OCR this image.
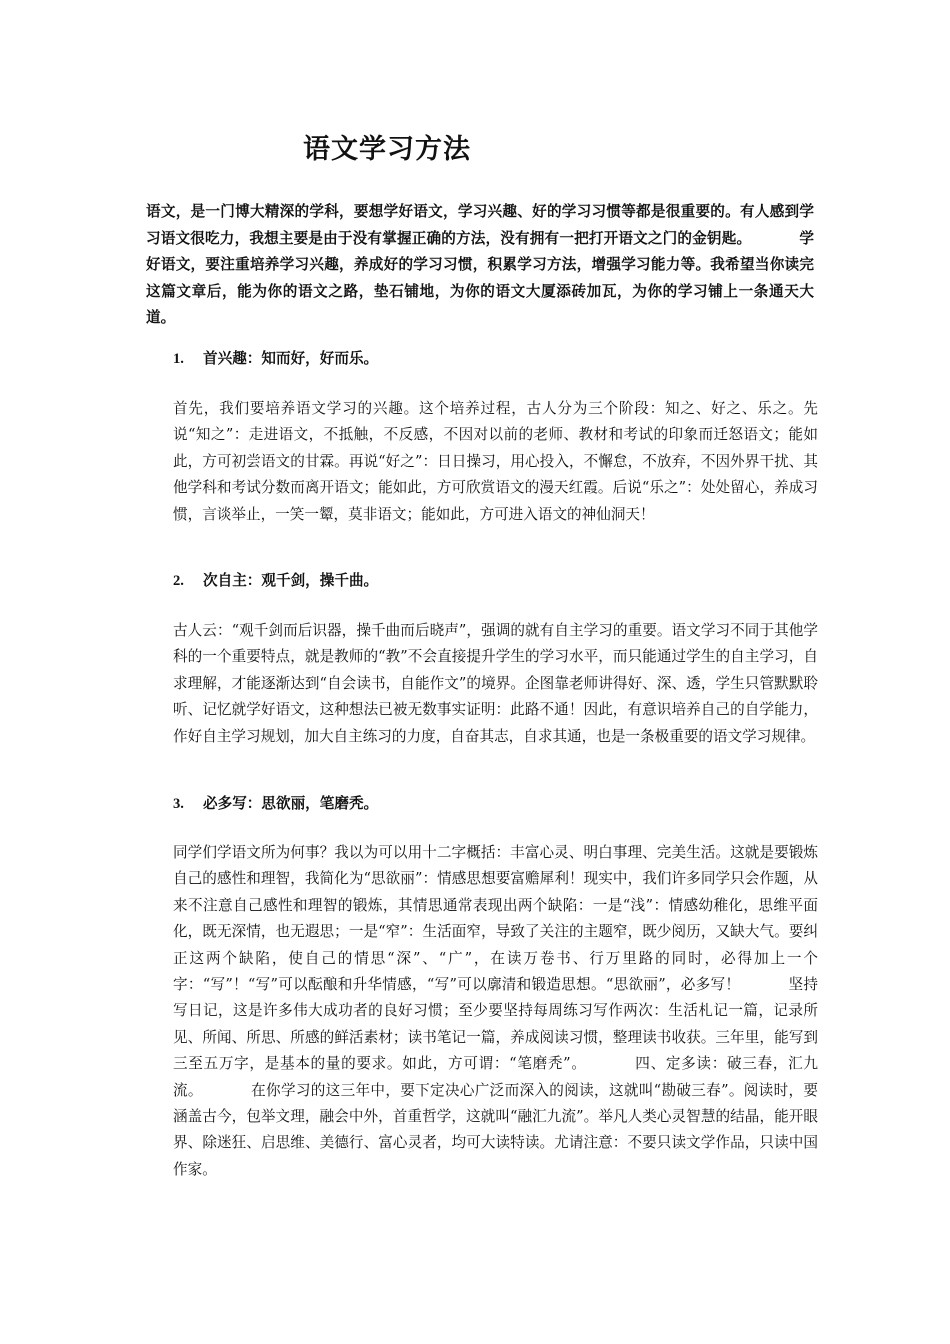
语文学习方法

语文，是一门博大精深的学科，要想学好语文，学习兴趣、好的学习习惯等都是很重要的。有人感到学习语文很吃力，我想主要是由于没有掌握正确的方法，没有拥有一把打开语文之门的金钥匙。	学好语文，要注重培养学习兴趣，养成好的学习习惯，积累学习方法，增强学习能力等。我希望当你读完这篇文章后，能为你的语文之路，垫石铺地，为你的语文大厦添砖加瓦，为你的学习铺上一条通天大道。

1. 首兴趣：知而好，好而乐。

首先，我们要培养语文学习的兴趣。这个培养过程，古人分为三个阶段：知之、好之、乐之。先说“知之”：走进语文，不抵触，不反感，不因对以前的老师、教材和考试的印象而迁怒语文；能如此，方可初尝语文的甘霖。再说“好之”：日日操习，用心投入，不懈怠，不放弃，不因外界干扰、其他学科和考试分数而离开语文；能如此，方可欣赏语文的漫天红霞。后说“乐之”：处处留心，养成习惯，言谈举止，一笑一颦，莫非语文；能如此，方可进入语文的神仙洞天！

2. 次自主：观千剑，操千曲。

古人云：“观千剑而后识器，操千曲而后晓声”，强调的就有自主学习的重要。语文学习不同于其他学科的一个重要特点，就是教师的“教”不会直接提升学生的学习水平，而只能通过学生的自主学习，自求理解，才能逐渐达到“自会读书，自能作文”的境界。企图靠老师讲得好、深、透，学生只管默默聆听、记忆就学好语文，这种想法已被无数事实证明：此路不通！因此，有意识培养自己的自学能力，作好自主学习规划，加大自主练习的力度，自奋其志，自求其通，也是一条极重要的语文学习规律。

3. 必多写：思欲丽，笔磨秃。

同学们学语文所为何事？我以为可以用十二字概括：丰富心灵、明白事理、完美生活。这就是要锻炼自己的感性和理智，我简化为“思欲丽”：情感思想要富赡犀利！现实中，我们许多同学只会作题，从来不注意自己感性和理智的锻炼，其情思通常表现出两个缺陷：一是“浅”：情感幼稚化，思维平面化，既无深情，也无遐思；一是“窄”：生活面窄，导致了关注的主题窄，既少阅历，又缺大气。要纠正这两个缺陷，使自己的情思“深”、“广”，在读万卷书、行万里路的同时，必得加上一个字：“写”！“写”可以酝酿和升华情感，“写”可以廓清和锻造思想。“思欲丽”，必多写！	坚持写日记，这是许多伟大成功者的良好习惯；至少要坚持每周练习写作两次：生活札记一篇，记录所见、所闻、所思、所感的鲜活素材；读书笔记一篇，养成阅读习惯，整理读书收获。三年里，能写到三至五万字，是基本的量的要求。如此，方可谓：“笔磨秃”。	四、定多读：破三春，汇九流。	在你学习的这三年中，要下定决心广泛而深入的阅读，这就叫“勘破三春”。阅读时，要涵盖古今，包举文理，融会中外，首重哲学，这就叫“融汇九流”。举凡人类心灵智慧的结晶，能开眼界、除迷狂、启思维、美德行、富心灵者，均可大读特读。尤请注意：不要只读文学作品，只读中国作家。
